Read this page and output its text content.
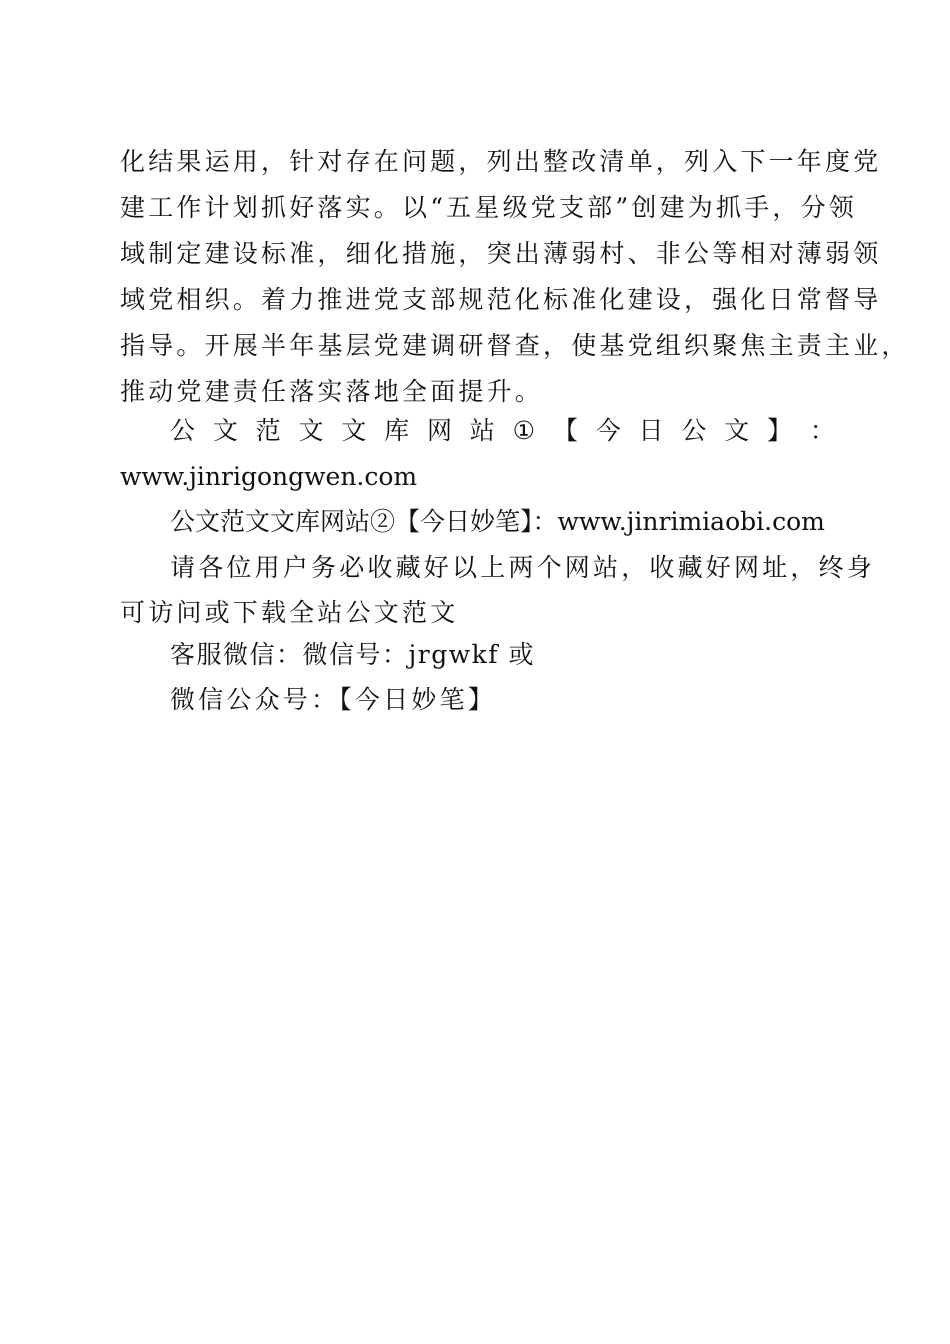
化结果运用，针对存在问题，列出整改清单，列入下一年度党
建工作计划抓好落实。以“五星级党支部”创建为抓手，分领
域制定建设标准，细化措施，突出薄弱村、非公等相对薄弱领
域党相织。着力推进党支部规范化标准化建设，强化日常督导
指导。开展半年基层党建调研督查，使基党组织聚焦主责主业，
推动党建责任落实落地全面提升。
公 文 范 文 文 库 网 站 ① 【 今 日 公 文 】 ：
www.jinrigongwen.com
公文范文文库网站②【今日妙笔】：www.jinrimiaobi.com
请各位用户务必收藏好以上两个网站，收藏好网址，终身
可访问或下载全站公文范文
客服微信：微信号：jrgwkf 或
微信公众号：【今日妙笔】
